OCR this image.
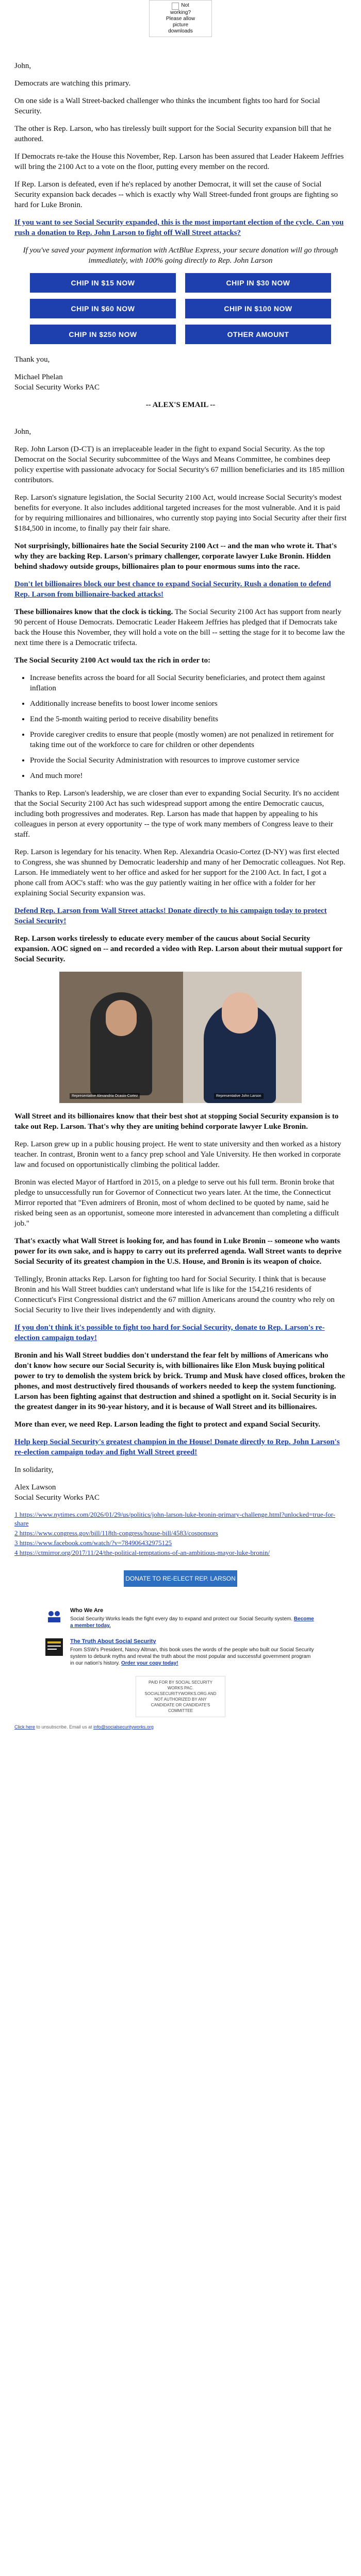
Not
working?
Please allow
picture
downloads

John,

Democrats are watching this primary.

On one side is a Wall Street-backed challenger who thinks the incumbent fights too hard for Social Security.

The other is Rep. Larson, who has tirelessly built support for the Social Security expansion bill that he authored.

If Democrats re-take the House this November, Rep. Larson has been assured that Leader Hakeem Jeffries will bring the 2100 Act to a vote on the floor, putting every member on the record.

If Rep. Larson is defeated, even if he's replaced by another Democrat, it will set the cause of Social Security expansion back decades -- which is exactly why Wall Street-funded front groups are fighting so hard for Luke Bronin.

If you want to see Social Security expanded, this is the most important election of the cycle. Can you rush a donation to Rep. John Larson to fight off Wall Street attacks?

If you've saved your payment information with ActBlue Express, your secure donation will go through immediately, with 100% going directly to Rep. John Larson

CHIP IN $15 NOW	CHIP IN $30 NOW
CHIP IN $60 NOW	CHIP IN $100 NOW
CHIP IN $250 NOW	OTHER AMOUNT

Thank you,

Michael Phelan
Social Security Works PAC

-- ALEX'S EMAIL --

John,

Rep. John Larson (D-CT) is an irreplaceable leader in the fight to expand Social Security. As the top Democrat on the Social Security subcommittee of the Ways and Means Committee, he combines deep policy expertise with passionate advocacy for Social Security's 67 million beneficiaries and its 185 million contributors.

Rep. Larson's signature legislation, the Social Security 2100 Act, would increase Social Security's modest benefits for everyone. It also includes additional targeted increases for the most vulnerable. And it is paid for by requiring millionaires and billionaires, who currently stop paying into Social Security after their first $184,500 in income, to finally pay their fair share.

Not surprisingly, billionaires hate the Social Security 2100 Act -- and the man who wrote it. That's why they are backing Rep. Larson's primary challenger, corporate lawyer Luke Bronin. Hidden behind shadowy outside groups, billionaires plan to pour enormous sums into the race.

Don't let billionaires block our best chance to expand Social Security. Rush a donation to defend Rep. Larson from billionaire-backed attacks!

These billionaires know that the clock is ticking. The Social Security 2100 Act has support from nearly 90 percent of House Democrats. Democratic Leader Hakeem Jeffries has pledged that if Democrats take back the House this November, they will hold a vote on the bill -- setting the stage for it to become law the next time there is a Democratic trifecta.

The Social Security 2100 Act would tax the rich in order to:

• Increase benefits across the board for all Social Security beneficiaries, and protect them against inflation
• Additionally increase benefits to boost lower income seniors
• End the 5-month waiting period to receive disability benefits
• Provide caregiver credits to ensure that people (mostly women) are not penalized in retirement for taking time out of the workforce to care for children or other dependents
• Provide the Social Security Administration with resources to improve customer service
• And much more!

Thanks to Rep. Larson's leadership, we are closer than ever to expanding Social Security. It's no accident that the Social Security 2100 Act has such widespread support among the entire Democratic caucus, including both progressives and moderates. Rep. Larson has made that happen by appealing to his colleagues in person at every opportunity -- the type of work many members of Congress leave to their staff.

Rep. Larson is legendary for his tenacity. When Rep. Alexandria Ocasio-Cortez (D-NY) was first elected to Congress, she was shunned by Democratic leadership and many of her Democratic colleagues. Not Rep. Larson. He immediately went to her office and asked for her support for the 2100 Act. In fact, I got a phone call from AOC's staff: who was the guy patiently waiting in her office with a folder for her explaining Social Security expansion was.

Defend Rep. Larson from Wall Street attacks! Donate directly to his campaign today to protect Social Security!

Rep. Larson works tirelessly to educate every member of the caucus about Social Security expansion. AOC signed on -- and recorded a video with Rep. Larson about their mutual support for Social Security.

Representative Alexandria Ocasio-Cortez	Representative John Larson

Wall Street and its billionaires know that their best shot at stopping Social Security expansion is to take out Rep. Larson. That's why they are uniting behind corporate lawyer Luke Bronin.

Rep. Larson grew up in a public housing project. He went to state university and then worked as a history teacher. In contrast, Bronin went to a fancy prep school and Yale University. He then worked in corporate law and focused on opportunistically climbing the political ladder.

Bronin was elected Mayor of Hartford in 2015, on a pledge to serve out his full term. Bronin broke that pledge to unsuccessfully run for Governor of Connecticut two years later. At the time, the Connecticut Mirror reported that "Even admirers of Bronin, most of whom declined to be quoted by name, said he risked being seen as an opportunist, someone more interested in advancement than completing a difficult job."

That's exactly what Wall Street is looking for, and has found in Luke Bronin -- someone who wants power for its own sake, and is happy to carry out its preferred agenda. Wall Street wants to deprive Social Security of its greatest champion in the U.S. House, and Bronin is its weapon of choice.

Tellingly, Bronin attacks Rep. Larson for fighting too hard for Social Security. I think that is because Bronin and his Wall Street buddies can't understand what life is like for the 154,216 residents of Connecticut's First Congressional district and the 67 million Americans around the country who rely on Social Security to live their lives independently and with dignity.

If you don't think it's possible to fight too hard for Social Security, donate to Rep. Larson's re-election campaign today!

Bronin and his Wall Street buddies don't understand the fear felt by millions of Americans who don't know how secure our Social Security is, with billionaires like Elon Musk buying political power to try to demolish the system brick by brick. Trump and Musk have closed offices, broken the phones, and most destructively fired thousands of workers needed to keep the system functioning. Larson has been fighting against that destruction and shined a spotlight on it. Social Security is in the greatest danger in its 90-year history, and it is because of Wall Street and its billionaires.

More than ever, we need Rep. Larson leading the fight to protect and expand Social Security.

Help keep Social Security's greatest champion in the House! Donate directly to Rep. John Larson's re-election campaign today and fight Wall Street greed!

In solidarity,

Alex Lawson
Social Security Works PAC

1 https://www.nytimes.com/2026/01/29/us/politics/john-larson-luke-bronin-primary-challenge.html?unlocked=true-for-share

2 https://www.congress.gov/bill/118th-congress/house-bill/4583/cosponsors

3 https://www.facebook.com/watch/?v=784906432975125

4 https://ctmirror.org/2017/11/24/the-political-temptations-of-an-ambitious-mayor-luke-bronin/

DONATE TO RE-ELECT REP. LARSON
Who We Are
Social Security Works leads the fight every day to expand and protect our Social Security system. Become a member today.
The Truth About Social Security
From SSW's President, Nancy Altman, this book uses the words of the people who built our Social Security system to debunk myths and reveal the truth about the most popular and successful government program in our nation's history. Order your copy today!
PAID FOR BY SOCIAL SECURITY
WORKS PAC.
SOCIALSECURITYWORKS.ORG AND
NOT AUTHORIZED BY ANY
CANDIDATE OR CANDIDATE'S
COMMITTEE
Click here to unsubscribe. Email us at info@socialsecurityworks.org
